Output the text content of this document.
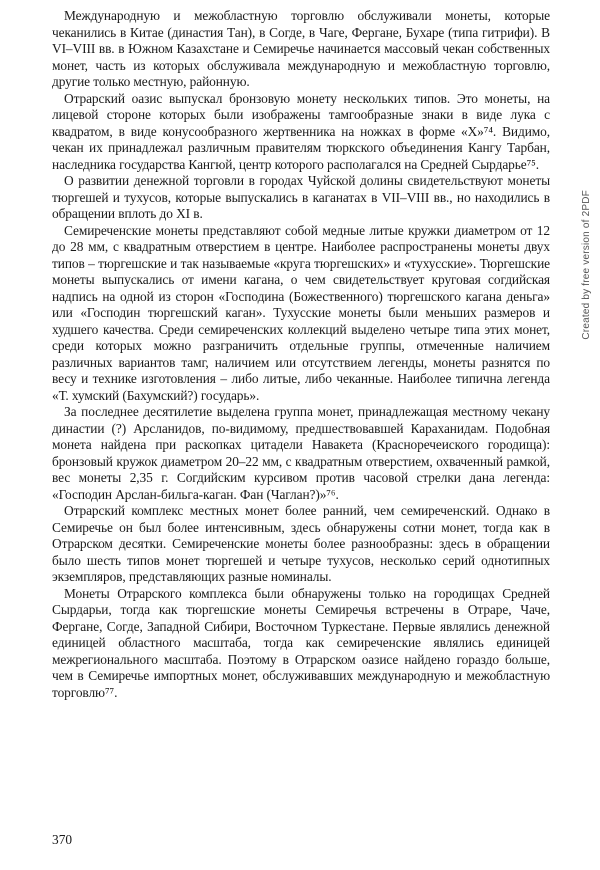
Международную и межобластную торговлю обслуживали монеты, которые чеканились в Китае (династия Тан), в Согде, в Чаге, Фергане, Бухаре (типа гитрифи). В VI–VIII вв. в Южном Казахстане и Семиречье начинается массовый чекан собственных монет, часть из которых обслуживала международную и межобластную торговлю, другие только местную, районную.

Отрарский оазис выпускал бронзовую монету нескольких типов. Это монеты, на лицевой стороне которых были изображены тамгообразные знаки в виде лука с квадратом, в виде конусообразного жертвенника на ножках в форме «Х»⁷⁴. Видимо, чекан их принадлежал различным правителям тюркского объединения Кангу Тарбан, наследника государства Кангюй, центр которого располагался на Средней Сырдарье⁷⁵.

О развитии денежной торговли в городах Чуйской долины свидетельствуют монеты тюргешей и тухусов, которые выпускались в каганатах в VII–VIII вв., но находились в обращении вплоть до XI в.

Семиреченские монеты представляют собой медные литые кружки диаметром от 12 до 28 мм, с квадратным отверстием в центре. Наиболее распространены монеты двух типов – тюргешские и так называемые «круга тюргешских» и «тухусские». Тюргешские монеты выпускались от имени кагана, о чем свидетельствует круговая согдийская надпись на одной из сторон «Господина (Божественного) тюргешского кагана деньга» или «Господин тюргешский каган». Тухусские монеты были меньших размеров и худшего качества. Среди семиреченских коллекций выделено четыре типа этих монет, среди которых можно разграничить отдельные группы, отмеченные наличием различных вариантов тамг, наличием или отсутствием легенды, монеты разнятся по весу и технике изготовления – либо литые, либо чеканные. Наиболее типична легенда «Т. хумский (Бахумский?) государь».

За последнее десятилетие выделена группа монет, принадлежащая местному чекану династии (?) Арсланидов, по-видимому, предшествовавшей Караханидам. Подобная монета найдена при раскопках цитадели Навакета (Красноречеиского городища): бронзовый кружок диаметром 20–22 мм, с квадратным отверстием, охваченный рамкой, вес монеты 2,35 г. Согдийским курсивом против часовой стрелки дана легенда: «Господин Арслан-бильга-каган. Фан (Чаглан?)»⁷⁶.

Отрарский комплекс местных монет более ранний, чем семиреченский. Однако в Семиречье он был более интенсивным, здесь обнаружены сотни монет, тогда как в Отрарском десятки. Семиреченские монеты более разнообразны: здесь в обращении было шесть типов монет тюргешей и четыре тухусов, несколько серий однотипных экземпляров, представляющих разные номиналы.

Монеты Отрарского комплекса были обнаружены только на городищах Средней Сырдарьи, тогда как тюргешские монеты Семиречья встречены в Отраре, Чаче, Фергане, Согде, Западной Сибири, Восточном Туркестане. Первые являлись денежной единицей областного масштаба, тогда как семиреченские являлись единицей межрегионального масштаба. Поэтому в Отрарском оазисе найдено гораздо больше, чем в Семиречье импортных монет, обслуживавших международную и межобластную торговлю⁷⁷.

Created by free version of 2PDF
370
